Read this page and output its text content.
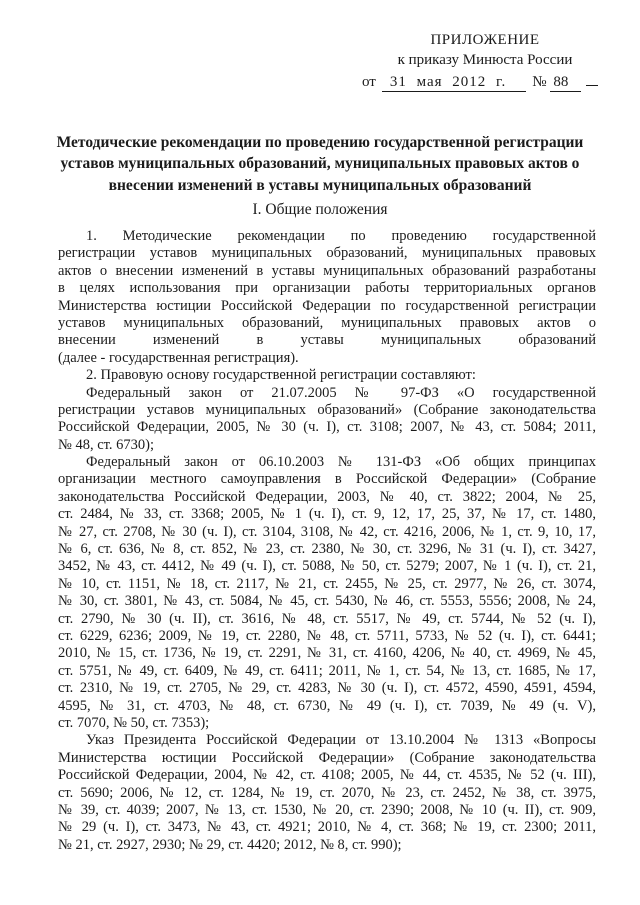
ПРИЛОЖЕНИЕ
к приказу Минюста России
от 31 мая 2012 г. № 88
Методические рекомендации по проведению государственной регистрации
уставов муниципальных образований, муниципальных правовых актов о
внесении изменений в уставы муниципальных образований
I. Общие положения
1. Методические рекомендации по проведению государственной
регистрации уставов муниципальных образований, муниципальных правовых
актов о внесении изменений в уставы муниципальных образований разработаны
в целях использования при организации работы территориальных органов
Министерства юстиции Российской Федерации по государственной регистрации
уставов муниципальных образований, муниципальных правовых актов о
внесении изменений в уставы муниципальных образований
(далее - государственная регистрация).
2. Правовую основу государственной регистрации составляют:
Федеральный закон от 21.07.2005 № 97-ФЗ «О государственной
регистрации уставов муниципальных образований» (Собрание законодательства
Российской Федерации, 2005, № 30 (ч. I), ст. 3108; 2007, № 43, ст. 5084; 2011,
№ 48, ст. 6730);
Федеральный закон от 06.10.2003 № 131-ФЗ «Об общих принципах
организации местного самоуправления в Российской Федерации» (Собрание
законодательства Российской Федерации, 2003, № 40, ст. 3822; 2004, № 25,
ст. 2484, № 33, ст. 3368; 2005, № 1 (ч. I), ст. 9, 12, 17, 25, 37, № 17, ст. 1480,
№ 27, ст. 2708, № 30 (ч. I), ст. 3104, 3108, № 42, ст. 4216, 2006, № 1, ст. 9, 10, 17,
№ 6, ст. 636, № 8, ст. 852, № 23, ст. 2380, № 30, ст. 3296, № 31 (ч. I), ст. 3427,
3452, № 43, ст. 4412, № 49 (ч. I), ст. 5088, № 50, ст. 5279; 2007, № 1 (ч. I), ст. 21,
№ 10, ст. 1151, № 18, ст. 2117, № 21, ст. 2455, № 25, ст. 2977, № 26, ст. 3074,
№ 30, ст. 3801, № 43, ст. 5084, № 45, ст. 5430, № 46, ст. 5553, 5556; 2008, № 24,
ст. 2790, № 30 (ч. II), ст. 3616, № 48, ст. 5517, № 49, ст. 5744, № 52 (ч. I),
ст. 6229, 6236; 2009, № 19, ст. 2280, № 48, ст. 5711, 5733, № 52 (ч. I), ст. 6441;
2010, № 15, ст. 1736, № 19, ст. 2291, № 31, ст. 4160, 4206, № 40, ст. 4969, № 45,
ст. 5751, № 49, ст. 6409, № 49, ст. 6411; 2011, № 1, ст. 54, № 13, ст. 1685, № 17,
ст. 2310, № 19, ст. 2705, № 29, ст. 4283, № 30 (ч. I), ст. 4572, 4590, 4591, 4594,
4595, № 31, ст. 4703, № 48, ст. 6730, № 49 (ч. I), ст. 7039, № 49 (ч. V),
ст. 7070, № 50, ст. 7353);
Указ Президента Российской Федерации от 13.10.2004 № 1313 «Вопросы
Министерства юстиции Российской Федерации» (Собрание законодательства
Российской Федерации, 2004, № 42, ст. 4108; 2005, № 44, ст. 4535, № 52 (ч. III),
ст. 5690; 2006, № 12, ст. 1284, № 19, ст. 2070, № 23, ст. 2452, № 38, ст. 3975,
№ 39, ст. 4039; 2007, № 13, ст. 1530, № 20, ст. 2390; 2008, № 10 (ч. II), ст. 909,
№ 29 (ч. I), ст. 3473, № 43, ст. 4921; 2010, № 4, ст. 368; № 19, ст. 2300; 2011,
№ 21, ст. 2927, 2930; № 29, ст. 4420; 2012, № 8, ст. 990);
